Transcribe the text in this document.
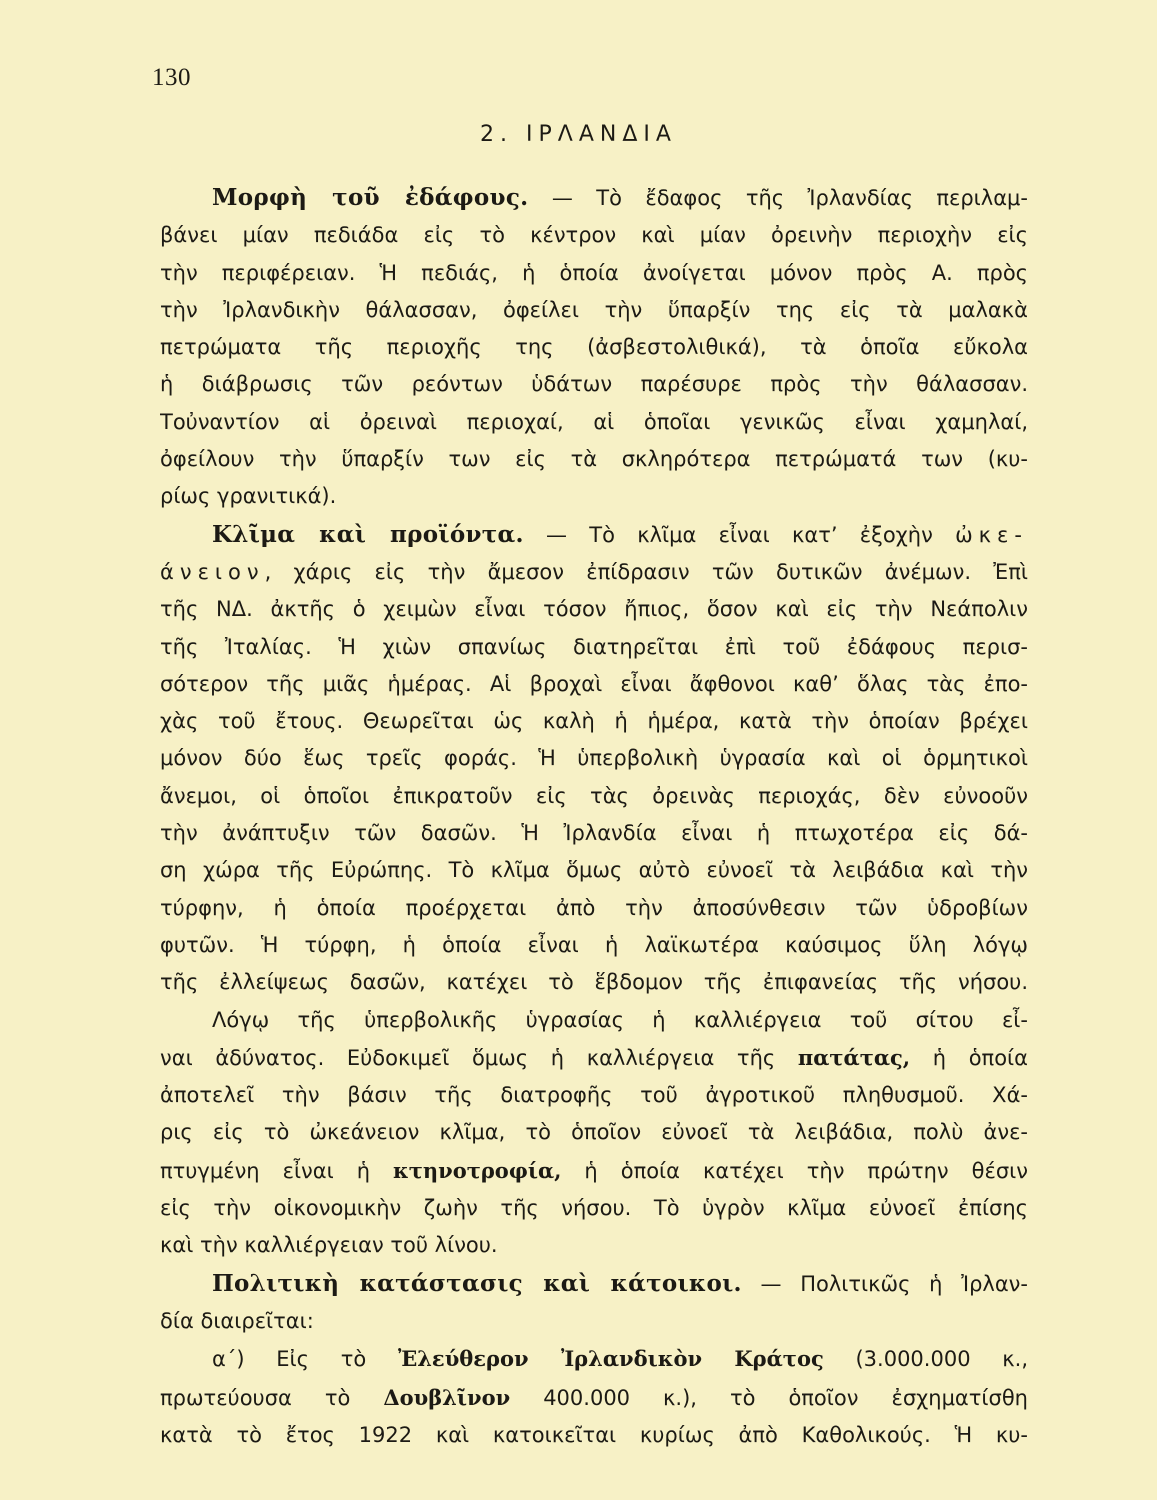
130
2. ΙΡΛΑΝΔΙΑ
Μορφὴ τοῦ ἐδάφους. — Τὸ ἔδαφος τῆς Ἰρλανδίας περιλαμ-
βάνει μίαν πεδιάδα εἰς τὸ κέντρον καὶ μίαν ὀρεινὴν περιοχὴν εἰς
τὴν περιφέρειαν. Ἡ πεδιάς, ἡ ὁποία ἀνοίγεται μόνον πρὸς Α. πρὸς
τὴν Ἰρλανδικὴν θάλασσαν, ὀφείλει τὴν ὕπαρξίν της εἰς τὰ μαλακὰ
πετρώματα τῆς περιοχῆς της (ἀσβεστολιθικά), τὰ ὁποῖα εὔκολα
ἡ διάβρωσις τῶν ρεόντων ὑδάτων παρέσυρε πρὸς τὴν θάλασσαν.
Τοὐναντίον αἱ ὀρειναὶ περιοχαί, αἱ ὁποῖαι γενικῶς εἶναι χαμηλαί,
ὀφείλουν τὴν ὕπαρξίν των εἰς τὰ σκληρότερα πετρώματά των (κυ-
ρίως γρανιτικά).
Κλῖμα καὶ προϊόντα. — Τὸ κλῖμα εἶναι κατ’ ἐξοχὴν ὠκε-
άνειον, χάρις εἰς τὴν ἄμεσον ἐπίδρασιν τῶν δυτικῶν ἀνέμων. Ἐπὶ
τῆς ΝΔ. ἀκτῆς ὁ χειμὼν εἶναι τόσον ἤπιος, ὅσον καὶ εἰς τὴν Νεάπολιν
τῆς Ἰταλίας. Ἡ χιὼν σπανίως διατηρεῖται ἐπὶ τοῦ ἐδάφους περισ-
σότερον τῆς μιᾶς ἡμέρας. Αἱ βροχαὶ εἶναι ἄφθονοι καθ’ ὅλας τὰς ἐπο-
χὰς τοῦ ἔτους. Θεωρεῖται ὡς καλὴ ἡ ἡμέρα, κατὰ τὴν ὁποίαν βρέχει
μόνον δύο ἕως τρεῖς φοράς. Ἡ ὑπερβολικὴ ὑγρασία καὶ οἱ ὁρμητικοὶ
ἄνεμοι, οἱ ὁποῖοι ἐπικρατοῦν εἰς τὰς ὀρεινὰς περιοχάς, δὲν εὐνοοῦν
τὴν ἀνάπτυξιν τῶν δασῶν. Ἡ Ἰρλανδία εἶναι ἡ πτωχοτέρα εἰς δά-
ση χώρα τῆς Εὐρώπης. Τὸ κλῖμα ὅμως αὐτὸ εὐνοεῖ τὰ λειβάδια καὶ τὴν
τύρφην, ἡ ὁποία προέρχεται ἀπὸ τὴν ἀποσύνθεσιν τῶν ὑδροβίων
φυτῶν. Ἡ τύρφη, ἡ ὁποία εἶναι ἡ λαϊκωτέρα καύσιμος ὕλη λόγῳ
τῆς ἐλλείψεως δασῶν, κατέχει τὸ ἕβδομον τῆς ἐπιφανείας τῆς νήσου.
Λόγῳ τῆς ὑπερβολικῆς ὑγρασίας ἡ καλλιέργεια τοῦ σίτου εἶ-
ναι ἀδύνατος. Εὐδοκιμεῖ ὅμως ἡ καλλιέργεια τῆς πατάτας, ἡ ὁποία
ἀποτελεῖ τὴν βάσιν τῆς διατροφῆς τοῦ ἀγροτικοῦ πληθυσμοῦ. Χά-
ρις εἰς τὸ ὠκεάνειον κλῖμα, τὸ ὁποῖον εὐνοεῖ τὰ λειβάδια, πολὺ ἀνε-
πτυγμένη εἶναι ἡ κτηνοτροφία, ἡ ὁποία κατέχει τὴν πρώτην θέσιν
εἰς τὴν οἰκονομικὴν ζωὴν τῆς νήσου. Τὸ ὑγρὸν κλῖμα εὐνοεῖ ἐπίσης
καὶ τὴν καλλιέργειαν τοῦ λίνου.
Πολιτικὴ κατάστασις καὶ κάτοικοι. — Πολιτικῶς ἡ Ἰρλαν-
δία διαιρεῖται:
α΄) Εἰς τὸ Ἐλεύθερον Ἰρλανδικὸν Κράτος (3.000.000 κ.,
πρωτεύουσα τὸ Δουβλῖνον 400.000 κ.), τὸ ὁποῖον ἐσχηματίσθη
κατὰ τὸ ἔτος 1922 καὶ κατοικεῖται κυρίως ἀπὸ Καθολικούς. Ἡ κυ-
